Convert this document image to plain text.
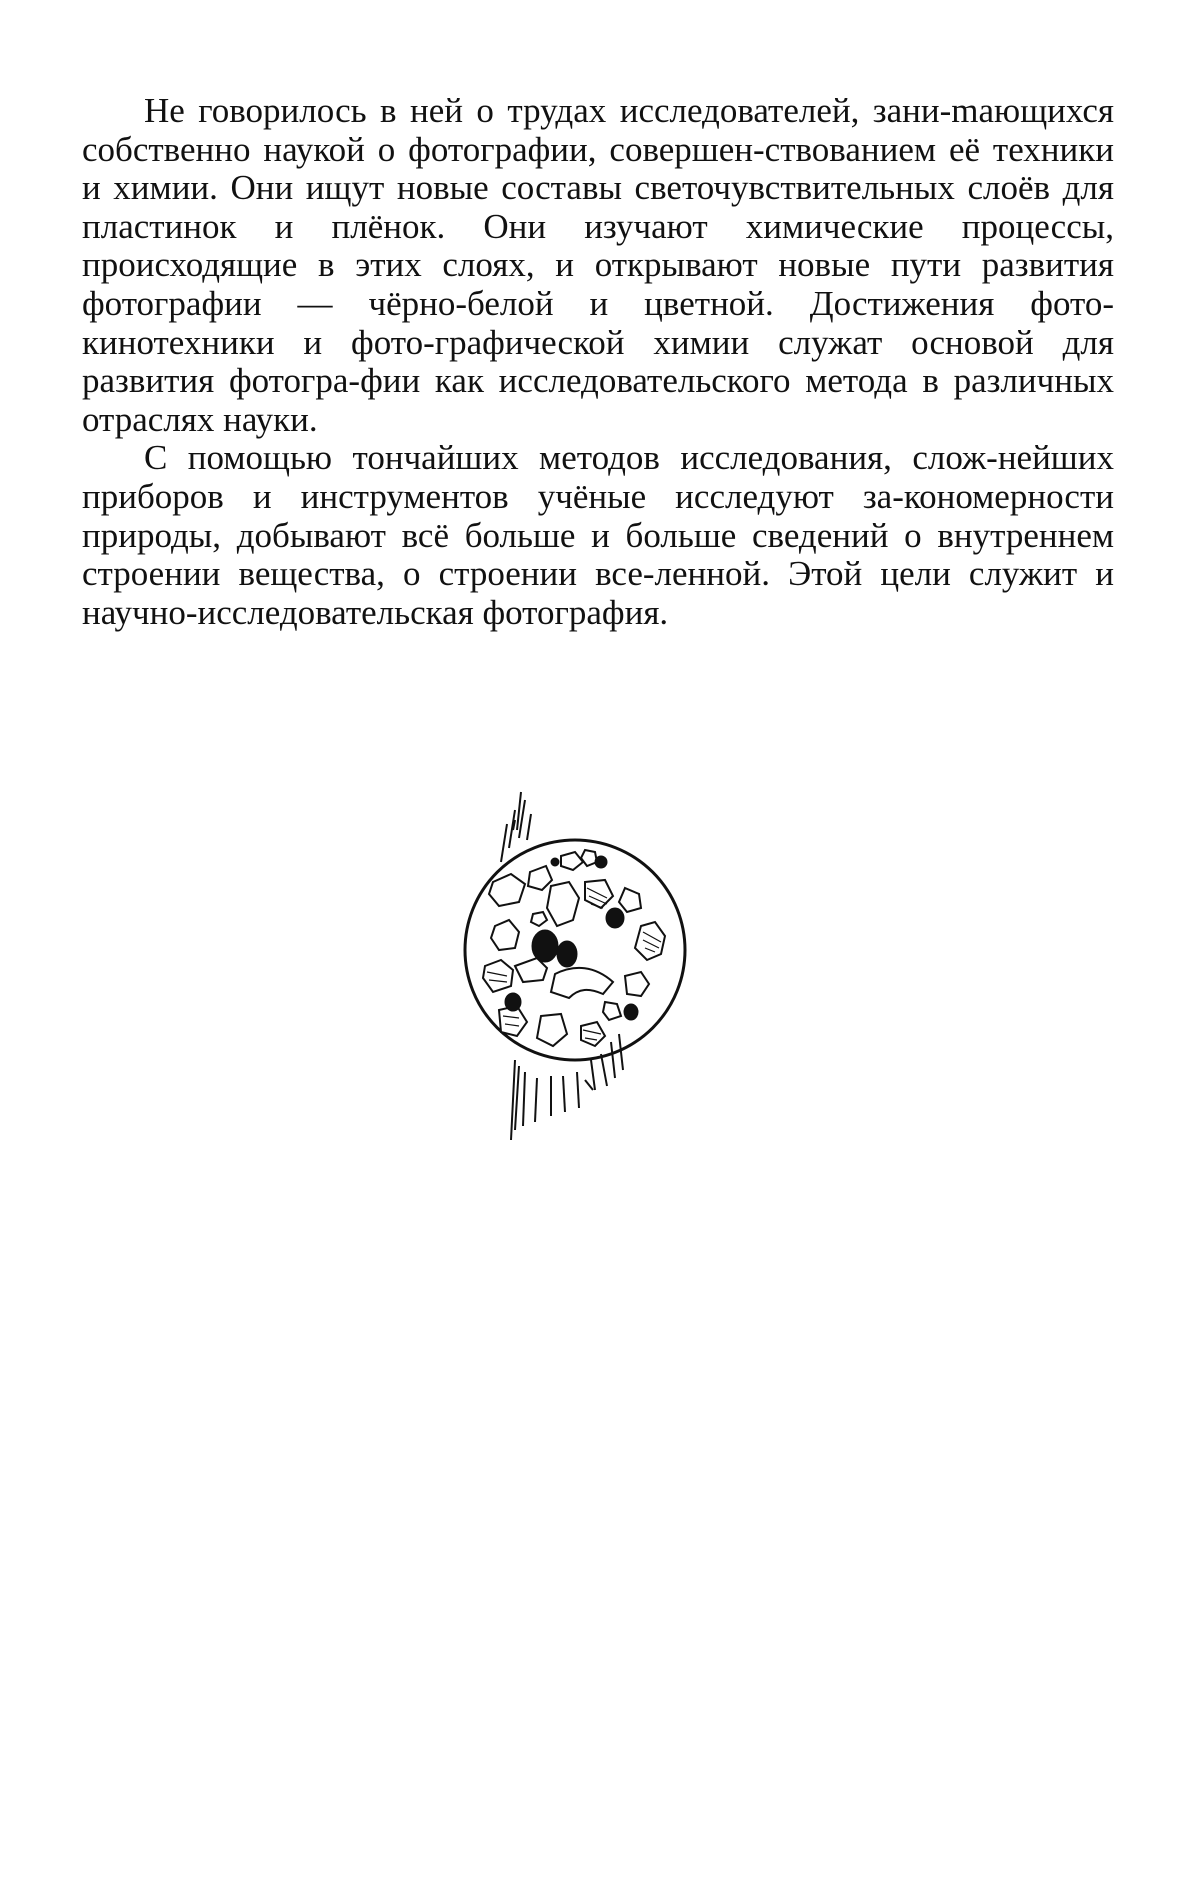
Не говорилось в ней о трудах исследователей, зани-mающихся собственно наукой о фотографии, совершен-ствованием её техники и химии. Они ищут новые составы светочувствительных слоёв для пластинок и плёнок. Они изучают химические процессы, происходящие в этих слоях, и открывают новые пути развития фотографии — чёрно-белой и цветной. Достижения фото-кинотехники и фото-графической химии служат основой для развития фотогра-фии как исследовательского метода в различных отраслях науки.

С помощью тончайших методов исследования, слож-нейших приборов и инструментов учёные исследуют за-кономерности природы, добывают всё больше и больше сведений о внутреннем строении вещества, о строении все-ленной. Этой цели служит и научно-исследовательская фотография.
